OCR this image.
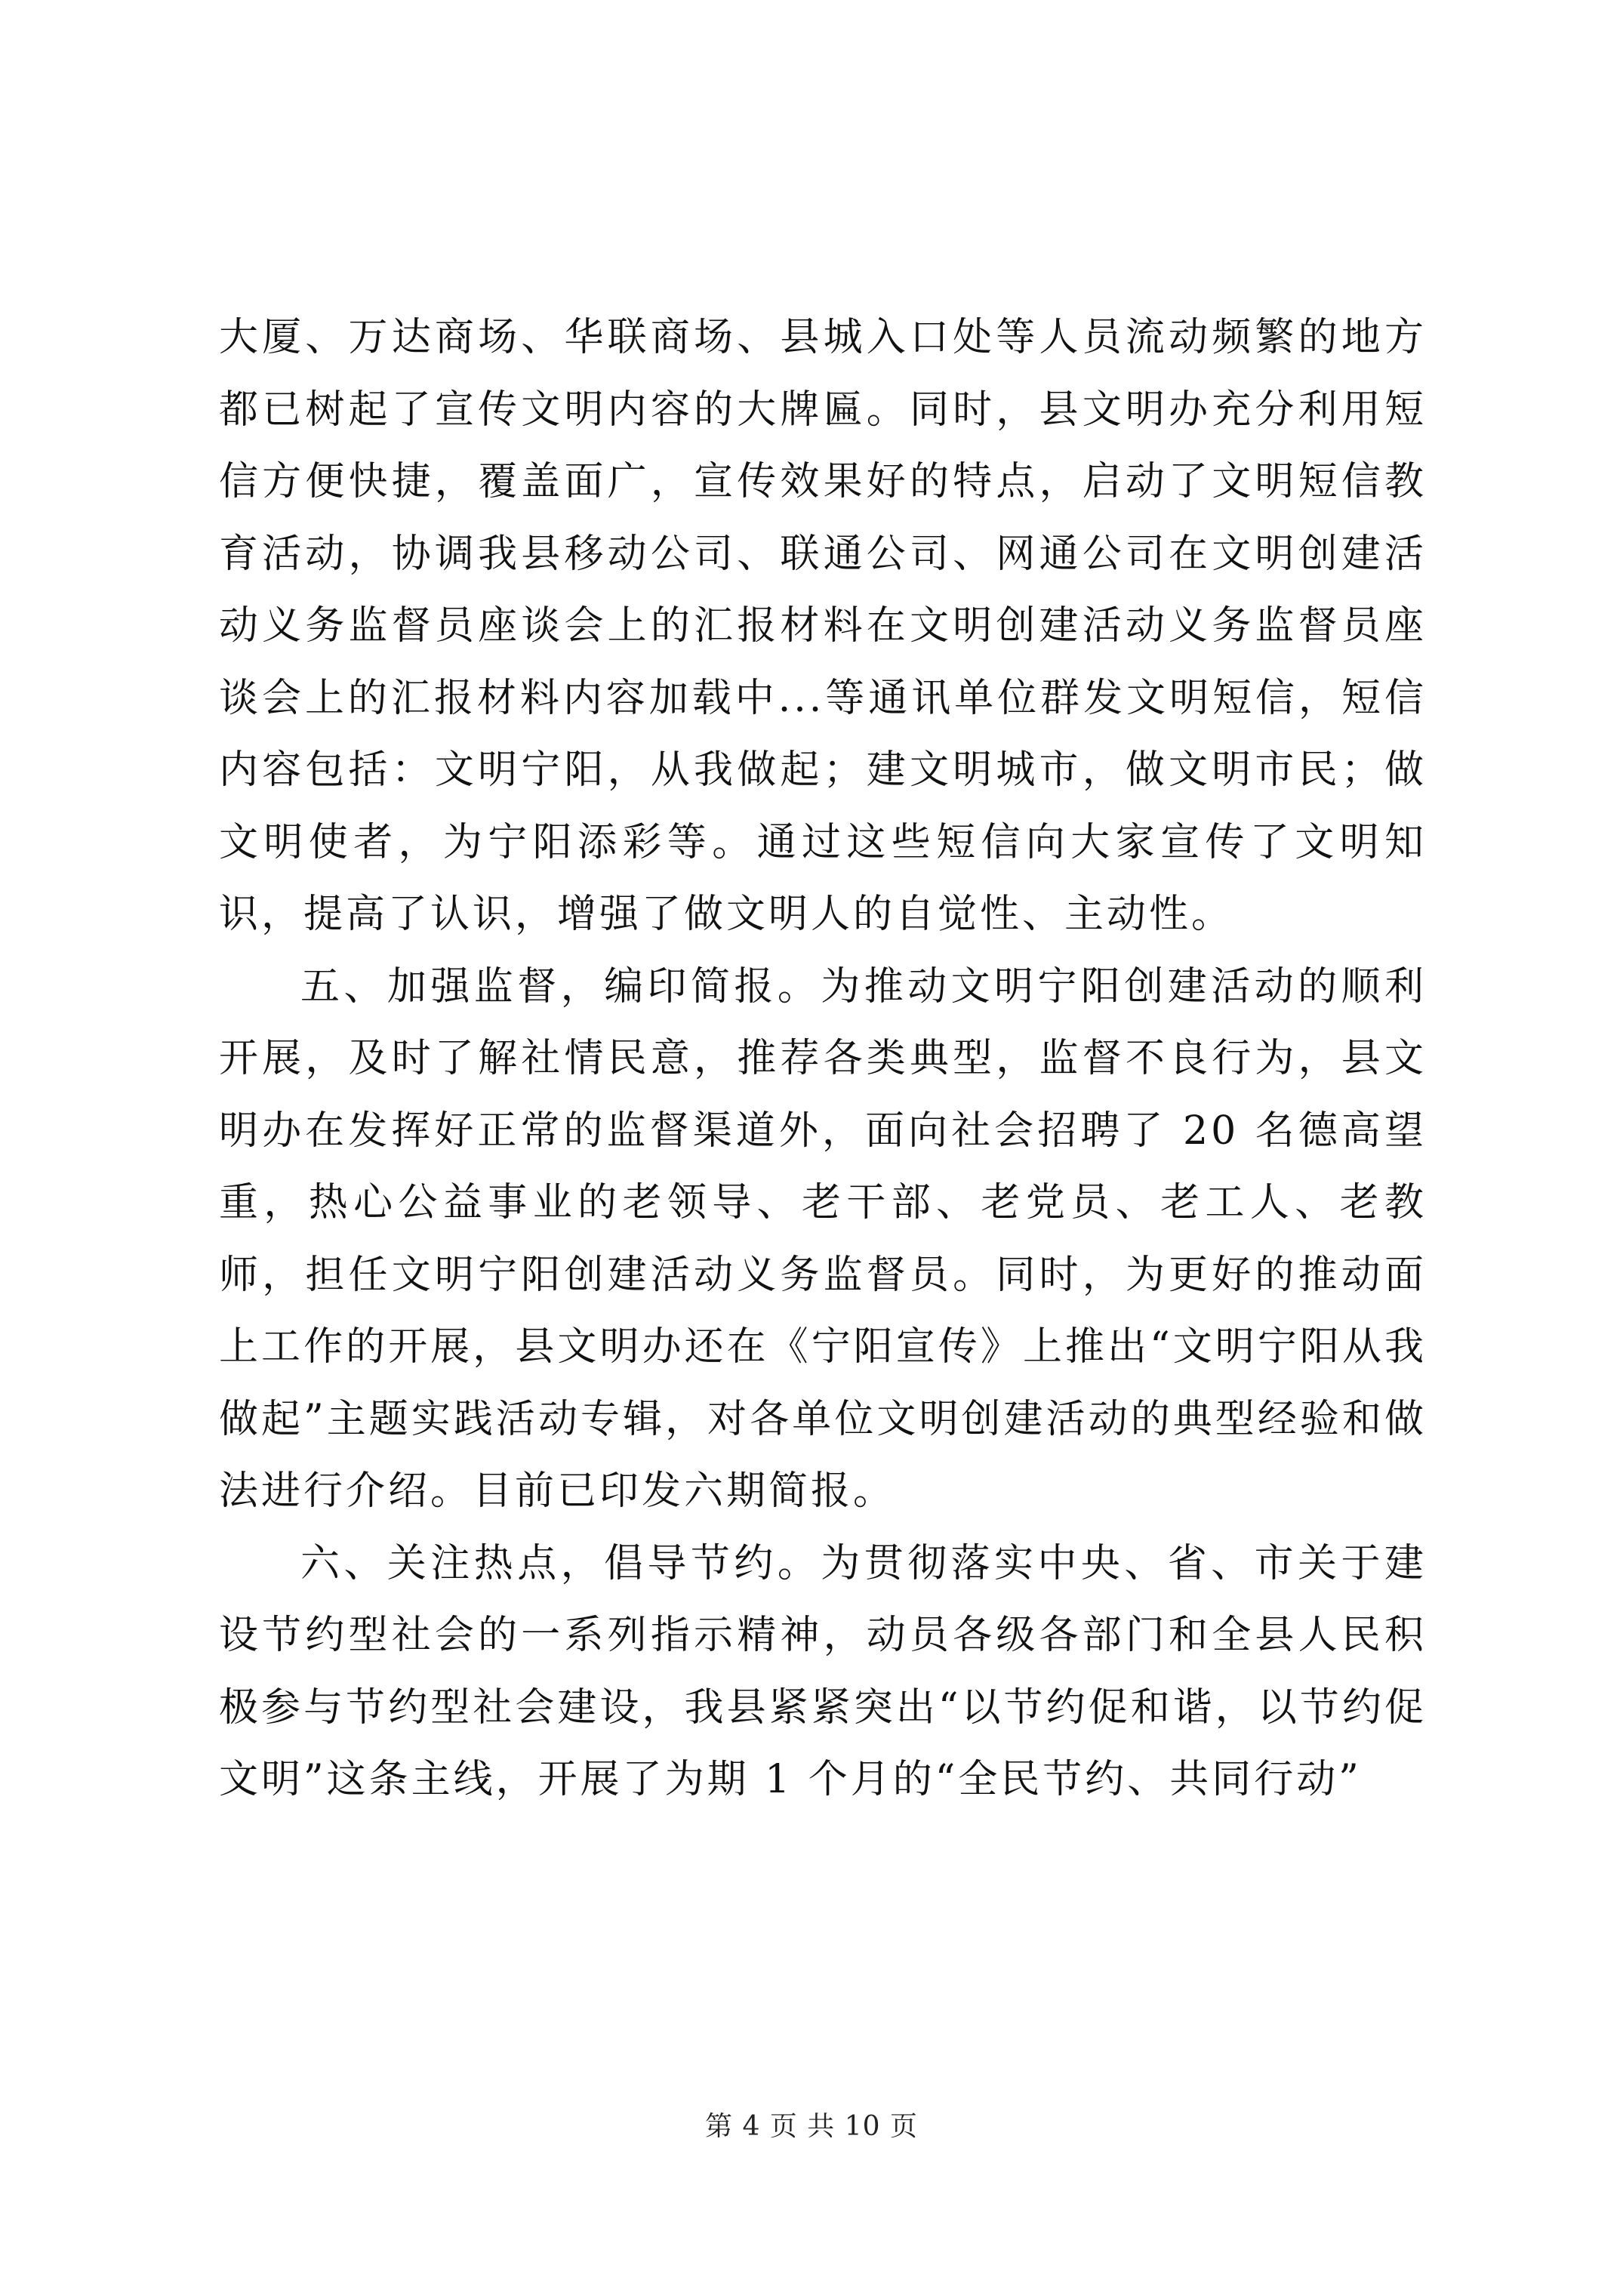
大厦、万达商场、华联商场、县城入口处等人员流动频繁的地方都已树起了宣传文明内容的大牌匾。同时，县文明办充分利用短信方便快捷，覆盖面广，宣传效果好的特点，启动了文明短信教育活动，协调我县移动公司、联通公司、网通公司在文明创建活动义务监督员座谈会上的汇报材料在文明创建活动义务监督员座谈会上的汇报材料内容加载中...等通讯单位群发文明短信，短信内容包括：文明宁阳，从我做起；建文明城市，做文明市民；做文明使者，为宁阳添彩等。通过这些短信向大家宣传了文明知识，提高了认识，增强了做文明人的自觉性、主动性。

五、加强监督，编印简报。为推动文明宁阳创建活动的顺利开展，及时了解社情民意，推荐各类典型，监督不良行为，县文明办在发挥好正常的监督渠道外，面向社会招聘了 20 名德高望重，热心公益事业的老领导、老干部、老党员、老工人、老教师，担任文明宁阳创建活动义务监督员。同时，为更好的推动面上工作的开展，县文明办还在《宁阳宣传》上推出“文明宁阳从我做起”主题实践活动专辑，对各单位文明创建活动的典型经验和做法进行介绍。目前已印发六期简报。

六、关注热点，倡导节约。为贯彻落实中央、省、市关于建设节约型社会的一系列指示精神，动员各级各部门和全县人民积极参与节约型社会建设，我县紧紧突出“以节约促和谐，以节约促文明”这条主线，开展了为期 1 个月的“全民节约、共同行动”

第 4 页 共 10 页
